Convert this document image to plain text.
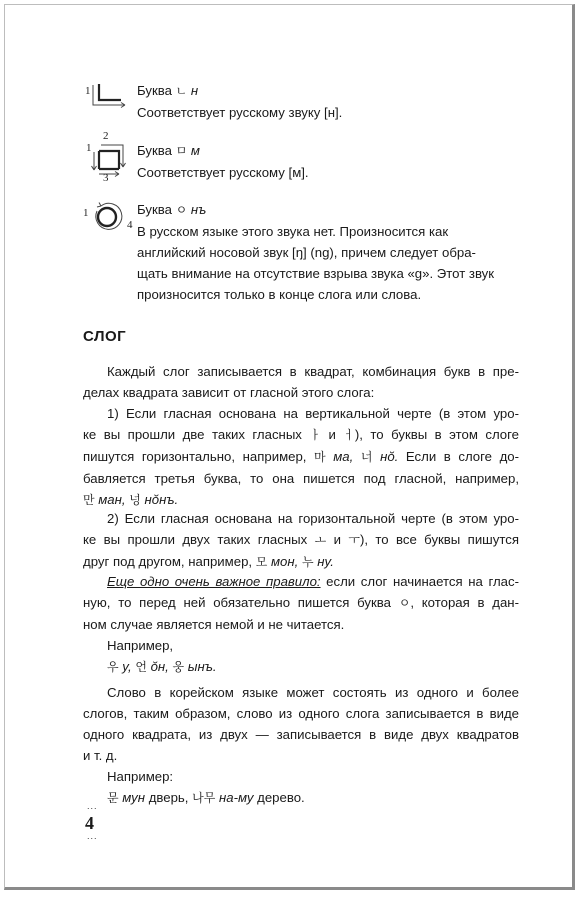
1	Буква ㄴ н
Соответствует русскому звуку [н].
1
2
3
Буква ㅁ м
Соответствует русскому [м].
1
4
Буква ㅇ нъ
В русском языке этого звука нет. Произносится как
английский носовой звук [ŋ] (ng), причем следует обра-
щать внимание на отсутствие взрыва звука «g». Этот звук
произносится только в конце слога или слова.
СЛОГ
Каждый слог записывается в квадрат, комбинация букв в пре-
делах квадрата зависит от гласной этого слога:
1) Если гласная основана на вертикальной черте (в этом уро-
ке вы прошли две таких гласных ㅏ и ㅓ), то буквы в этом слоге
пишутся горизонтально, например, 마 ма, 너 нŏ. Если в слоге до-
бавляется третья буква, то она пишется под гласной, например,
만 ман, 넝 нŏнъ.
2) Если гласная основана на горизонтальной черте (в этом уро-
ке вы прошли двух таких гласных ㅗ и ㅜ), то все буквы пишутся
друг под другом, например, 모 мон, 누 ну.
Еще одно очень важное правило: если слог начинается на глас-
ную, то перед ней обязательно пишется буква ㅇ, которая в дан-
ном случае является немой и не читается.
Например,
우 у, 언 ŏн, 웅 ынъ.
Слово в корейском языке может состоять из одного и более
слогов, таким образом, слово из одного слога записывается в виде
одного квадрата, из двух — записывается в виде двух квадратов
и т. д.
Например:
문 мун дверь, 나무 на-му дерево.
...
4
...
